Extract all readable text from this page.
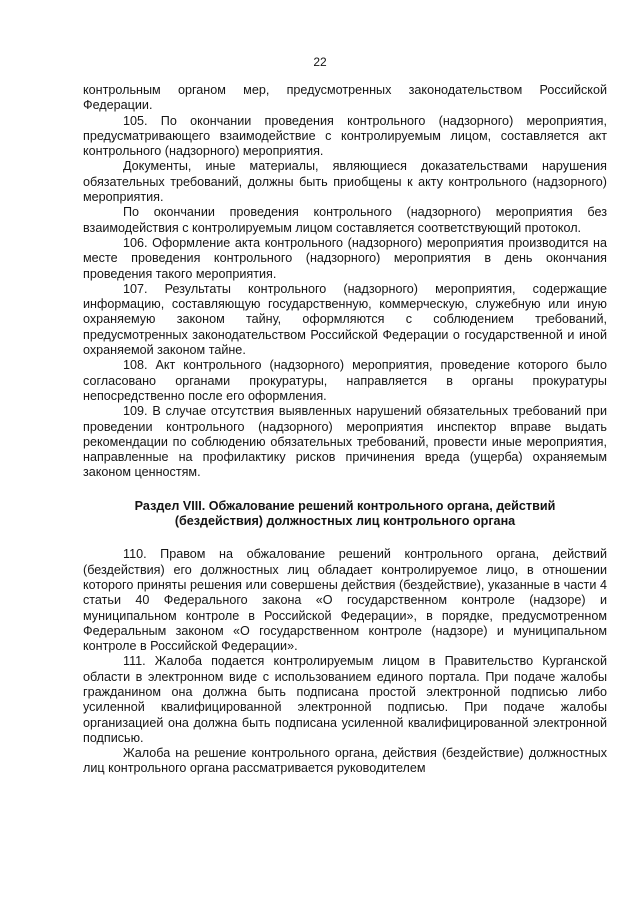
22

контрольным органом мер, предусмотренных законодательством Российской Федерации.

105. По окончании проведения контрольного (надзорного) мероприятия, предусматривающего взаимодействие с контролируемым лицом, составляется акт контрольного (надзорного) мероприятия.

Документы, иные материалы, являющиеся доказательствами нарушения обязательных требований, должны быть приобщены к акту контрольного (надзорного) мероприятия.

По окончании проведения контрольного (надзорного) мероприятия без взаимодействия с контролируемым лицом составляется соответствующий протокол.

106. Оформление акта контрольного (надзорного) мероприятия производится на месте проведения контрольного (надзорного) мероприятия в день окончания проведения такого мероприятия.

107. Результаты контрольного (надзорного) мероприятия, содержащие информацию, составляющую государственную, коммерческую, служебную или иную охраняемую законом тайну, оформляются с соблюдением требований, предусмотренных законодательством Российской Федерации о государственной и иной охраняемой законом тайне.

108. Акт контрольного (надзорного) мероприятия, проведение которого было согласовано органами прокуратуры, направляется в органы прокуратуры непосредственно после его оформления.

109. В случае отсутствия выявленных нарушений обязательных требований при проведении контрольного (надзорного) мероприятия инспектор вправе выдать рекомендации по соблюдению обязательных требований, провести иные мероприятия, направленные на профилактику рисков причинения вреда (ущерба) охраняемым законом ценностям.

Раздел VIII. Обжалование решений контрольного органа, действий
(бездействия) должностных лиц контрольного органа

110. Правом на обжалование решений контрольного органа, действий (бездействия) его должностных лиц обладает контролируемое лицо, в отношении которого приняты решения или совершены действия (бездействие), указанные в части 4 статьи 40 Федерального закона «О государственном контроле (надзоре) и муниципальном контроле в Российской Федерации», в порядке, предусмотренном Федеральным законом «О государственном контроле (надзоре) и муниципальном контроле в Российской Федерации».

111. Жалоба подается контролируемым лицом в Правительство Курганской области в электронном виде с использованием единого портала. При подаче жалобы гражданином она должна быть подписана простой электронной подписью либо усиленной квалифицированной электронной подписью. При подаче жалобы организацией она должна быть подписана усиленной квалифицированной электронной подписью.

Жалоба на решение контрольного органа, действия (бездействие) должностных лиц контрольного органа рассматривается руководителем
